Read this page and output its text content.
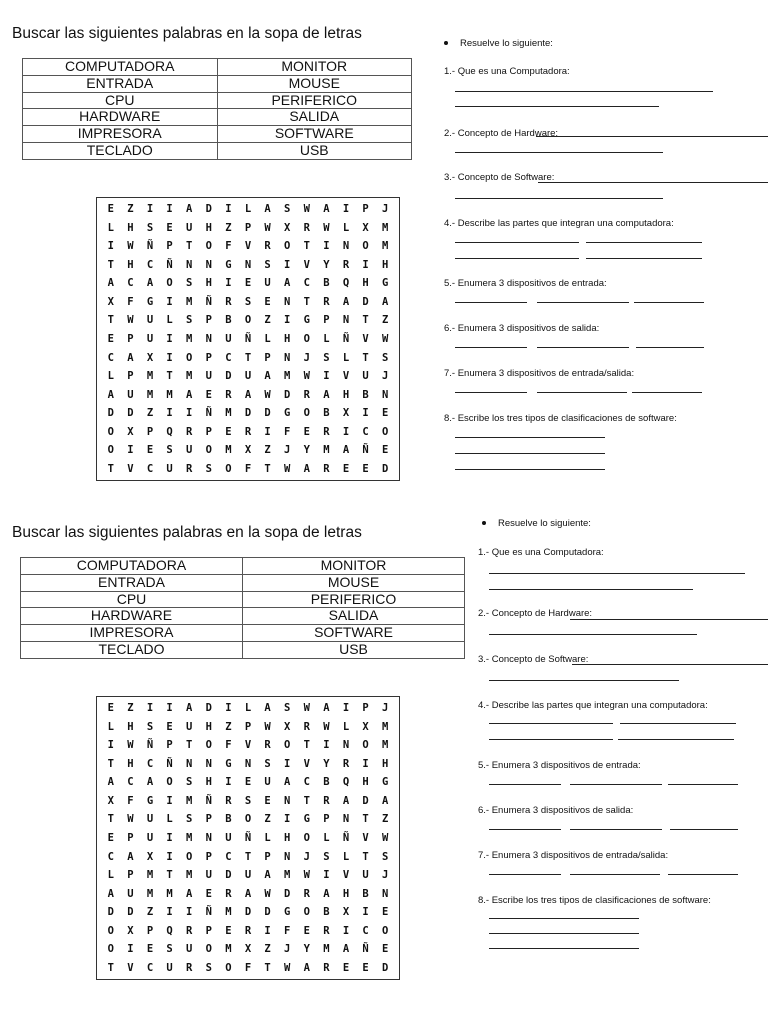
Buscar las siguientes palabras en la sopa de letras
COMPUTADORA	MONITOR
ENTRADA	MOUSE
CPU	PERIFERICO
HARDWARE	SALIDA
IMPRESORA	SOFTWARE
TECLADO	USB
E	Z	I	I	A	D	I	L	A	S	W	A	I	P	J
L	H	S	E	U	H	Z	P	W	X	R	W	L	X	M
I	W	Ñ	P	T	O	F	V	R	O	T	I	N	O	M
T	H	C	Ñ	N	N	G	N	S	I	V	Y	R	I	H
A	C	A	O	S	H	I	E	U	A	C	B	Q	H	G
X	F	G	I	M	Ñ	R	S	E	N	T	R	A	D	A
T	W	U	L	S	P	B	O	Z	I	G	P	N	T	Z
E	P	U	I	M	N	U	Ñ	L	H	O	L	Ñ	V	W
C	A	X	I	O	P	C	T	P	N	J	S	L	T	S
L	P	M	T	M	U	D	U	A	M	W	I	V	U	J
A	U	M	M	A	E	R	A	W	D	R	A	H	B	N
D	D	Z	I	I	Ñ	M	D	D	G	O	B	X	I	E
O	X	P	Q	R	P	E	R	I	F	E	R	I	C	O
O	I	E	S	U	O	M	X	Z	J	Y	M	A	Ñ	E
T	V	C	U	R	S	O	F	T	W	A	R	E	E	D
Resuelve lo siguiente:
1.- Que es una Computadora:
2.- Concepto de Hardware:
3.- Concepto de Software:
4.- Describe las partes que integran una computadora:
5.- Enumera 3 dispositivos de entrada:
6.- Enumera 3 dispositivos de salida:
7.- Enumera 3 dispositivos de entrada/salida:
8.- Escribe los tres tipos de clasificaciones de software:
Buscar las siguientes palabras en la sopa de letras
COMPUTADORA	MONITOR
ENTRADA	MOUSE
CPU	PERIFERICO
HARDWARE	SALIDA
IMPRESORA	SOFTWARE
TECLADO	USB
E	Z	I	I	A	D	I	L	A	S	W	A	I	P	J
L	H	S	E	U	H	Z	P	W	X	R	W	L	X	M
I	W	Ñ	P	T	O	F	V	R	O	T	I	N	O	M
T	H	C	Ñ	N	N	G	N	S	I	V	Y	R	I	H
A	C	A	O	S	H	I	E	U	A	C	B	Q	H	G
X	F	G	I	M	Ñ	R	S	E	N	T	R	A	D	A
T	W	U	L	S	P	B	O	Z	I	G	P	N	T	Z
E	P	U	I	M	N	U	Ñ	L	H	O	L	Ñ	V	W
C	A	X	I	O	P	C	T	P	N	J	S	L	T	S
L	P	M	T	M	U	D	U	A	M	W	I	V	U	J
A	U	M	M	A	E	R	A	W	D	R	A	H	B	N
D	D	Z	I	I	Ñ	M	D	D	G	O	B	X	I	E
O	X	P	Q	R	P	E	R	I	F	E	R	I	C	O
O	I	E	S	U	O	M	X	Z	J	Y	M	A	Ñ	E
T	V	C	U	R	S	O	F	T	W	A	R	E	E	D
Resuelve lo siguiente:
1.- Que es una Computadora:
2.- Concepto de Hardware:
3.- Concepto de Software:
4.- Describe las partes que integran una computadora:
5.- Enumera 3 dispositivos de entrada:
6.- Enumera 3 dispositivos de salida:
7.- Enumera 3 dispositivos de entrada/salida:
8.- Escribe los tres tipos de clasificaciones de software:
